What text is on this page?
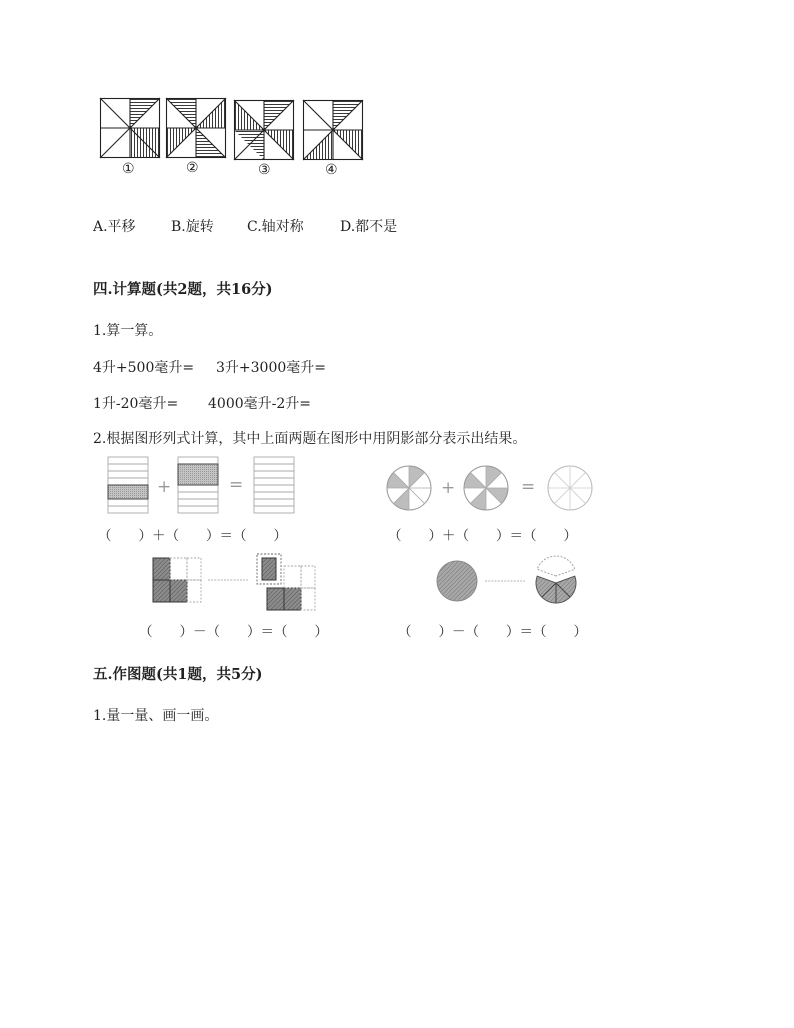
①	②	③	④
A.平移	B.旋转 C.轴对称	D.都不是
四.计算题(共2题，共16分)
1.算一算。
4升+500毫升= 3升+3000毫升=
1升-20毫升= 4000毫升-2升=
2.根据图形列式计算，其中上面两题在图形中用阴影部分表示出结果。
+	=	+	=
（　　）＋（　　）＝（　　）	（　　）＋（　　）＝（　　）
（　　）－（　　）＝（　　）	（　　）－（　　）＝（　　）
五.作图题(共1题，共5分)
1.量一量、画一画。
